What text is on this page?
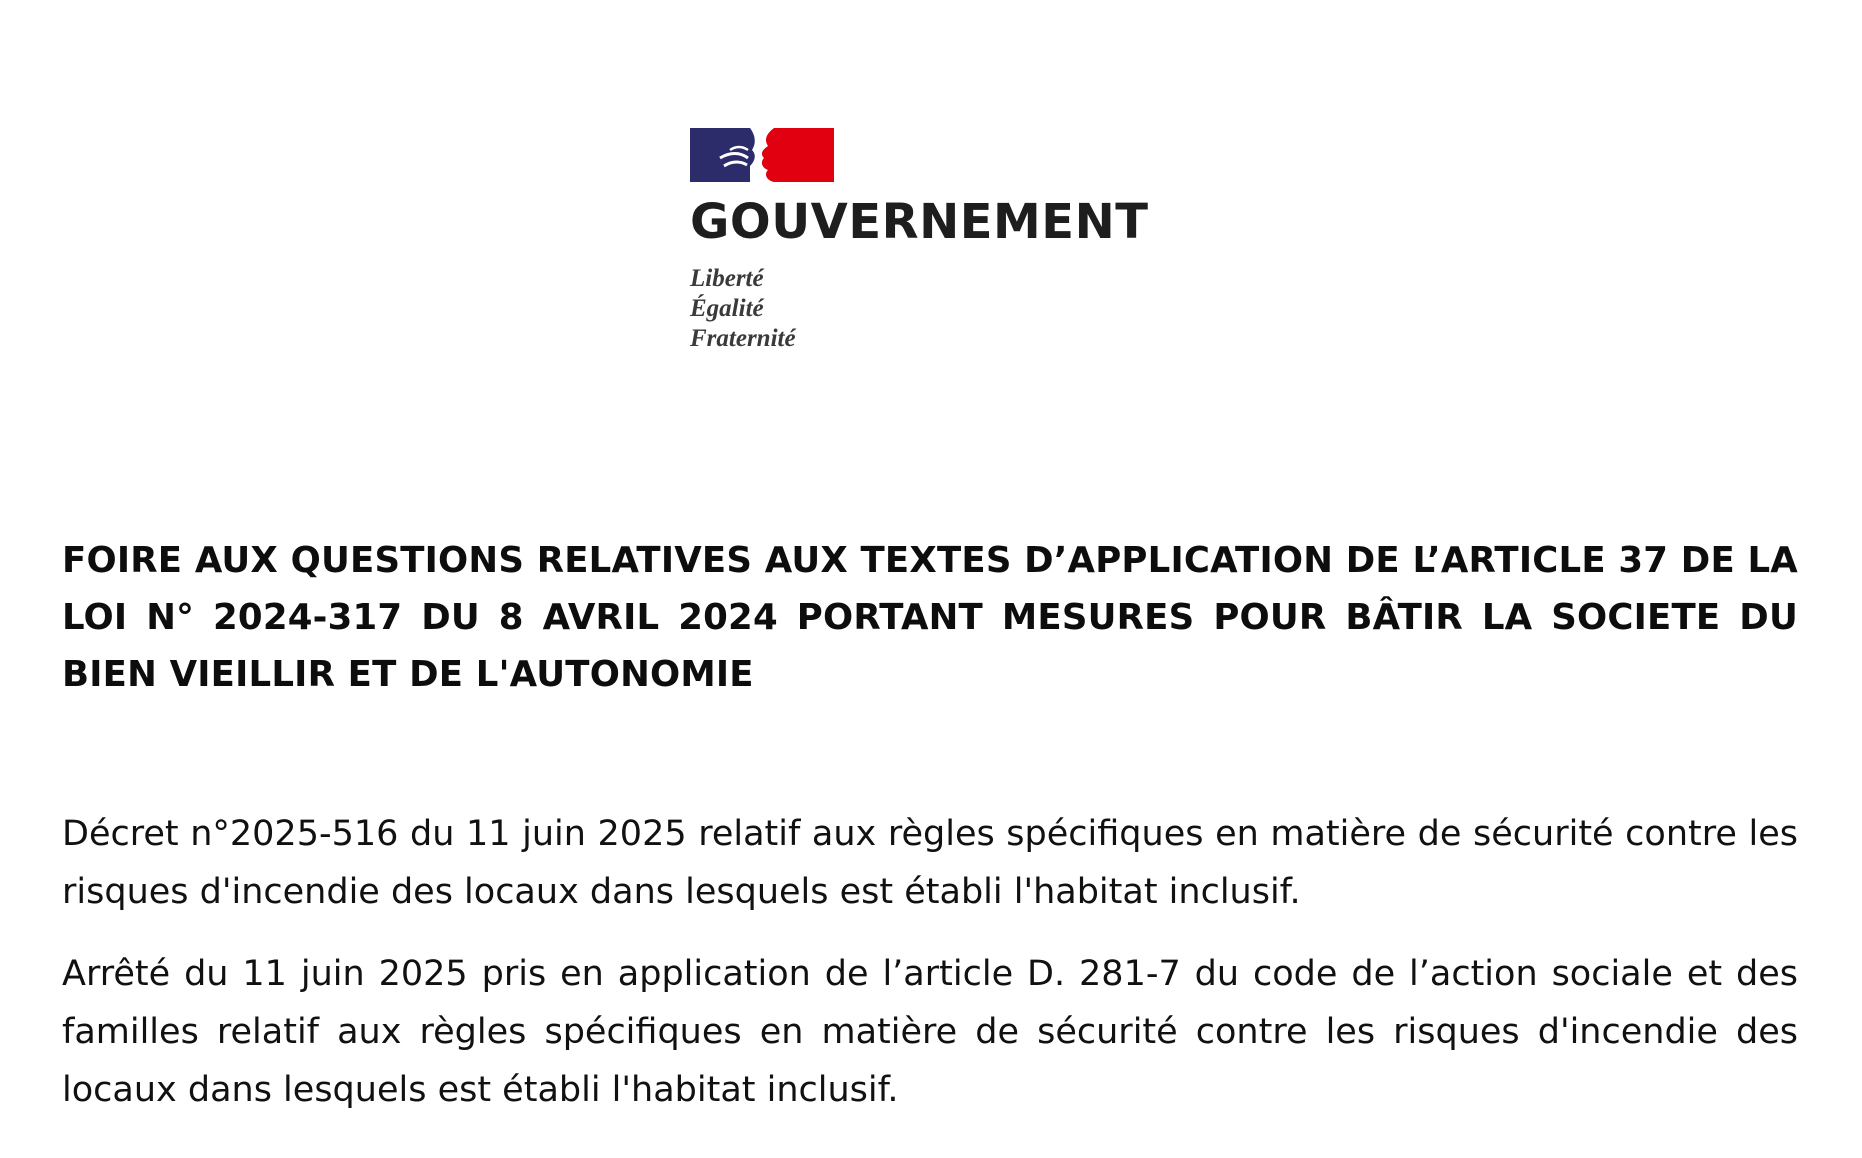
GOUVERNEMENT
Liberté
Égalité
Fraternité
FOIRE AUX QUESTIONS RELATIVES AUX TEXTES D’APPLICATION DE L’ARTICLE 37 DE LA LOI N° 2024-317 DU 8 AVRIL 2024 PORTANT MESURES POUR BÂTIR LA SOCIETE DU BIEN VIEILLIR ET DE L'AUTONOMIE

Décret n°2025-516 du 11 juin 2025 relatif aux règles spécifiques en matière de sécurité contre les risques d'incendie des locaux dans lesquels est établi l'habitat inclusif.

Arrêté du 11 juin 2025 pris en application de l’article D. 281-7 du code de l’action sociale et des familles relatif aux règles spécifiques en matière de sécurité contre les risques d'incendie des locaux dans lesquels est établi l'habitat inclusif.
